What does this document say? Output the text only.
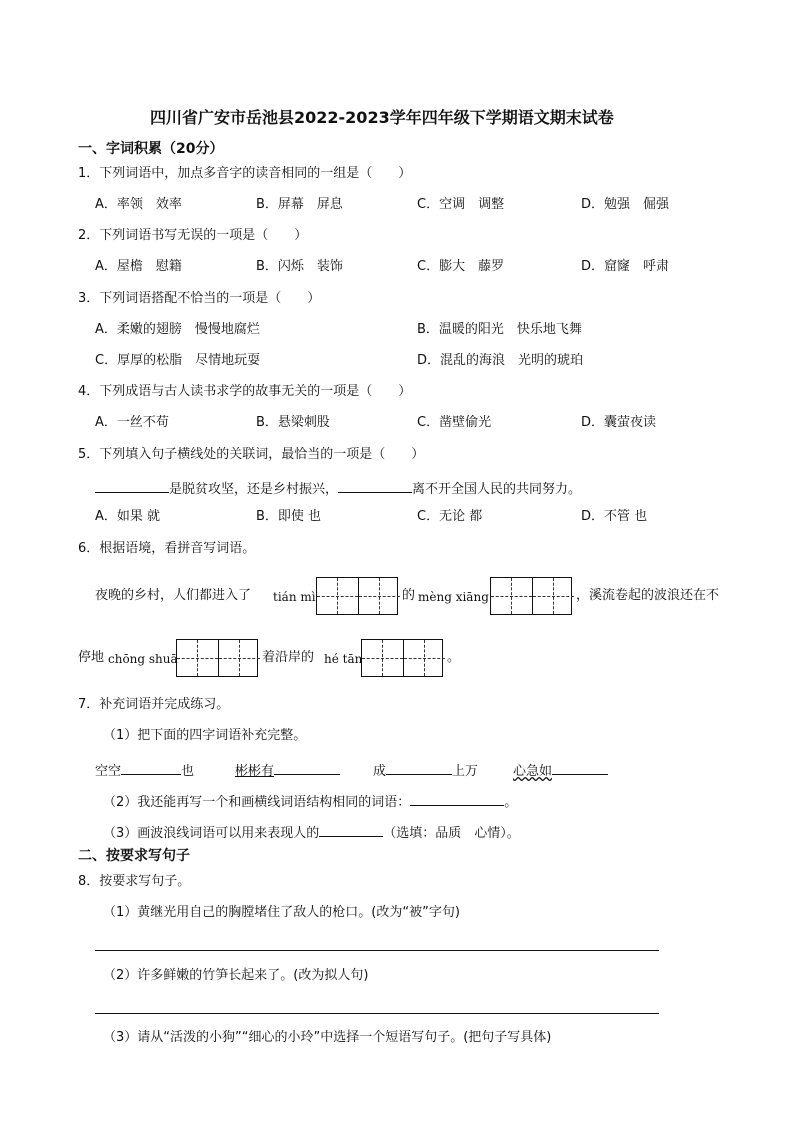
四川省广安市岳池县2022-2023学年四年级下学期语文期末试卷
一、字词积累（20分）
1．下列词语中，加点多音字的读音相同的一组是（　　）
A．率领　效率	B．屏幕　屏息	C．空调　调整	D．勉强　倔强
2．下列词语书写无误的一项是（　　）
A．屋檐　慰籍	B．闪烁　装饰	C．膨大　藤罗	D．窟窿　呼肃
3．下列词语搭配不恰当的一项是（　　）
A．柔嫩的翅膀　慢慢地腐烂	B．温暖的阳光　快乐地飞舞
C．厚厚的松脂　尽情地玩耍	D．混乱的海浪　光明的琥珀
4．下列成语与古人读书求学的故事无关的一项是（　　）
A．一丝不苟	B．悬梁刺股	C．凿壁偷光	D．囊萤夜读
5．下列填入句子横线处的关联词，最恰当的一项是（　　）
是脱贫攻坚，还是乡村振兴，	离不开全国人民的共同努力。
A．如果 就	B．即使 也	C．无论 都	D．不管 也
6．根据语境，看拼音写词语。
夜晚的乡村，人们都进入了 tián mì	的 mèng xiāng	，溪流卷起的波浪还在不
停地 chōng shuā	着沿岸的 hé tān	。
7．补充词语并完成练习。
（1）把下面的四字词语补充完整。
空空	也	彬彬有	成	上万	心急如
（2）我还能再写一个和画横线词语结构相同的词语：	。
（3）画波浪线词语可以用来表现人的	（选填：品质　心情）。
二、按要求写句子
8．按要求写句子。
（1）黄继光用自己的胸膛堵住了敌人的枪口。(改为“被”字句)
（2）许多鲜嫩的竹笋长起来了。(改为拟人句)
（3）请从“活泼的小狗”“细心的小玲”中选择一个短语写句子。(把句子写具体)
